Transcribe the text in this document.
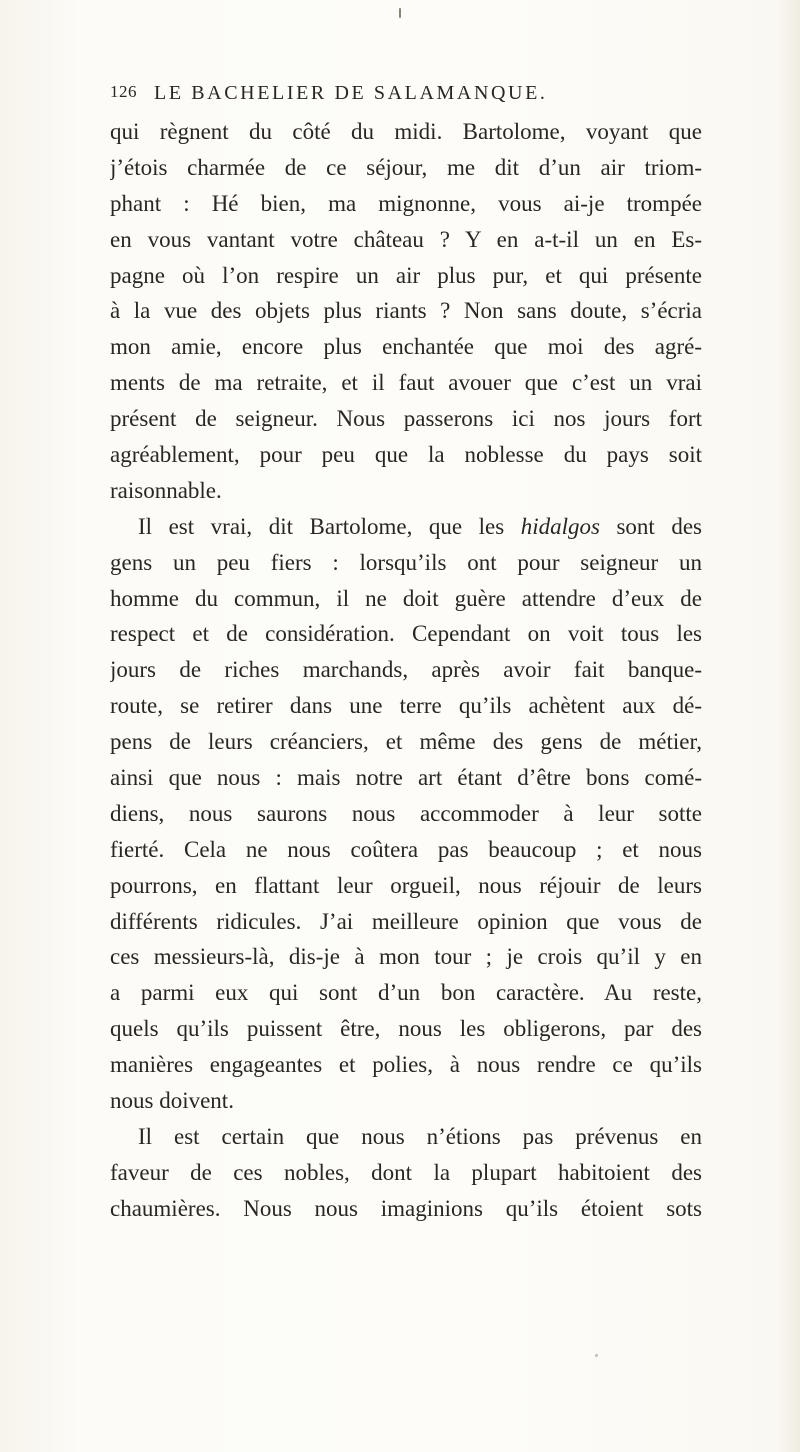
126 LE BACHELIER DE SALAMANQUE.
qui règnent du côté du midi. Bartolome, voyant que
j’étois charmée de ce séjour, me dit d’un air triom-
phant : Hé bien, ma mignonne, vous ai-je trompée
en vous vantant votre château ? Y en a-t-il un en Es-
pagne où l’on respire un air plus pur, et qui présente
à la vue des objets plus riants ? Non sans doute, s’écria
mon amie, encore plus enchantée que moi des agré-
ments de ma retraite, et il faut avouer que c’est un vrai
présent de seigneur. Nous passerons ici nos jours fort
agréablement, pour peu que la noblesse du pays soit
raisonnable.
Il est vrai, dit Bartolome, que les hidalgos sont des
gens un peu fiers : lorsqu’ils ont pour seigneur un
homme du commun, il ne doit guère attendre d’eux de
respect et de considération. Cependant on voit tous les
jours de riches marchands, après avoir fait banque-
route, se retirer dans une terre qu’ils achètent aux dé-
pens de leurs créanciers, et même des gens de métier,
ainsi que nous : mais notre art étant d’être bons comé-
diens, nous saurons nous accommoder à leur sotte
fierté. Cela ne nous coûtera pas beaucoup ; et nous
pourrons, en flattant leur orgueil, nous réjouir de leurs
différents ridicules. J’ai meilleure opinion que vous de
ces messieurs-là, dis-je à mon tour ; je crois qu’il y en
a parmi eux qui sont d’un bon caractère. Au reste,
quels qu’ils puissent être, nous les obligerons, par des
manières engageantes et polies, à nous rendre ce qu’ils
nous doivent.
Il est certain que nous n’étions pas prévenus en
faveur de ces nobles, dont la plupart habitoient des
chaumières. Nous nous imaginions qu’ils étoient sots
